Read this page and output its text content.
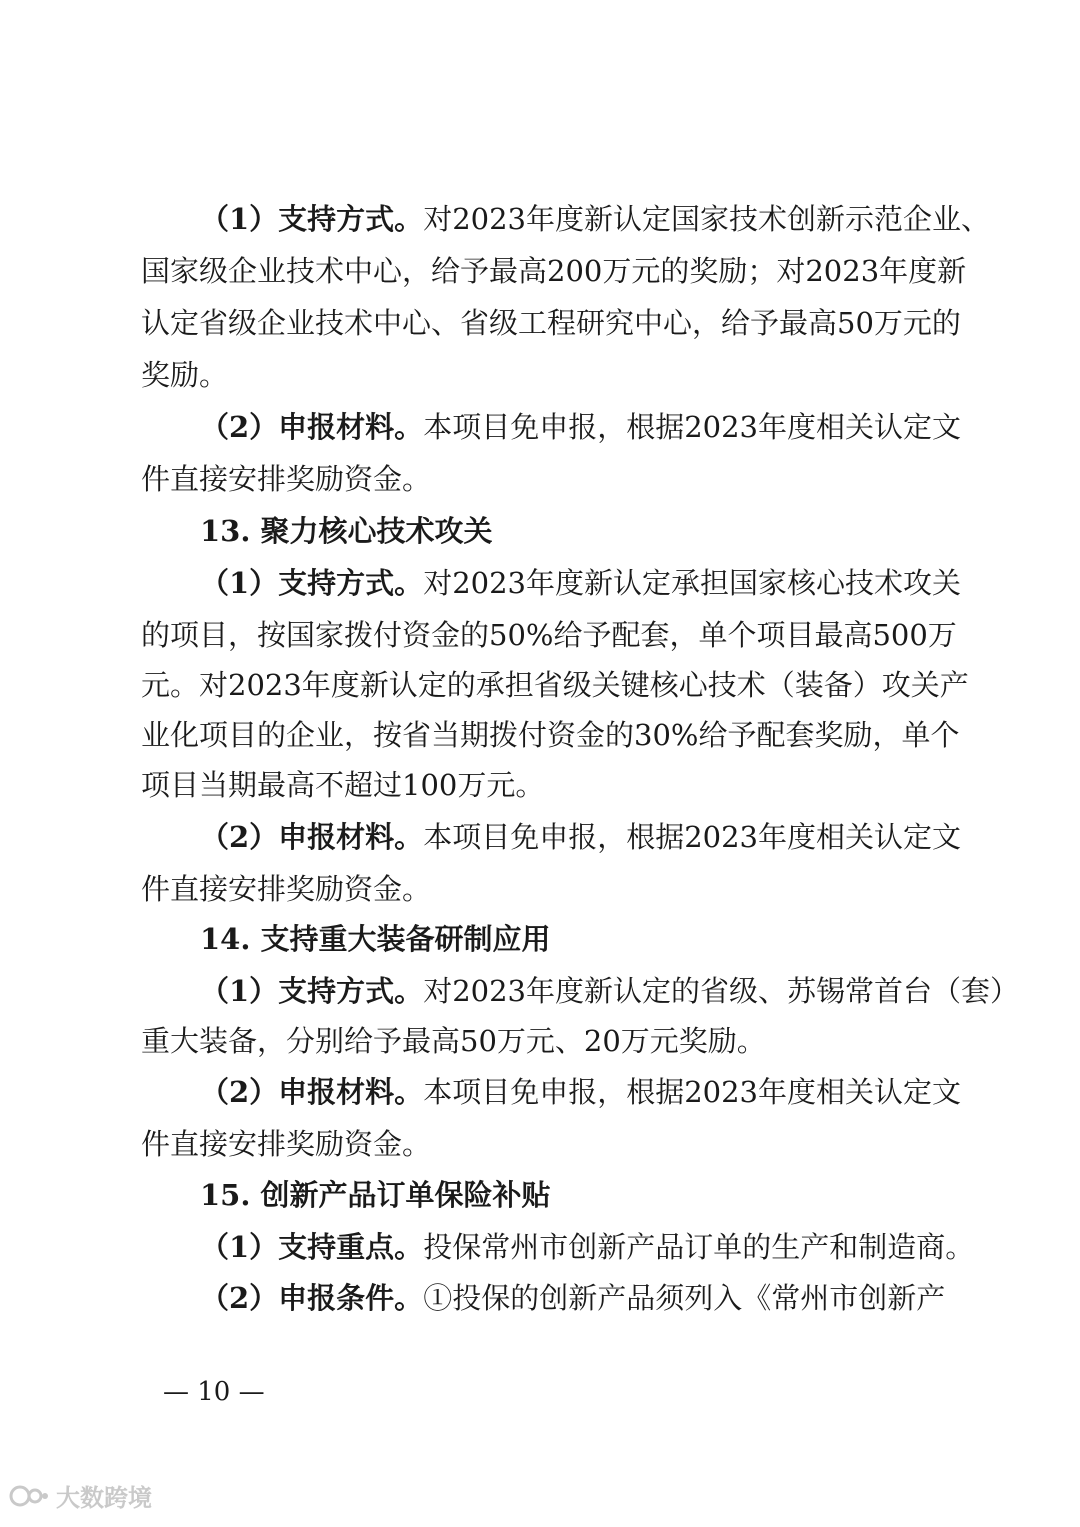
（1）支持方式。对2023年度新认定国家技术创新示范企业、
国家级企业技术中心，给予最高200万元的奖励；对2023年度新
认定省级企业技术中心、省级工程研究中心，给予最高50万元的
奖励。
（2）申报材料。本项目免申报，根据2023年度相关认定文
件直接安排奖励资金。
13. 聚力核心技术攻关
（1）支持方式。对2023年度新认定承担国家核心技术攻关
的项目，按国家拨付资金的50%给予配套，单个项目最高500万
元。对2023年度新认定的承担省级关键核心技术（装备）攻关产
业化项目的企业，按省当期拨付资金的30%给予配套奖励，单个
项目当期最高不超过100万元。
（2）申报材料。本项目免申报，根据2023年度相关认定文
件直接安排奖励资金。
14. 支持重大装备研制应用
（1）支持方式。对2023年度新认定的省级、苏锡常首台（套）
重大装备，分别给予最高50万元、20万元奖励。
（2）申报材料。本项目免申报，根据2023年度相关认定文
件直接安排奖励资金。
15. 创新产品订单保险补贴
（1）支持重点。投保常州市创新产品订单的生产和制造商。
（2）申报条件。①投保的创新产品须列入《常州市创新产
— 10 —
大数跨境
